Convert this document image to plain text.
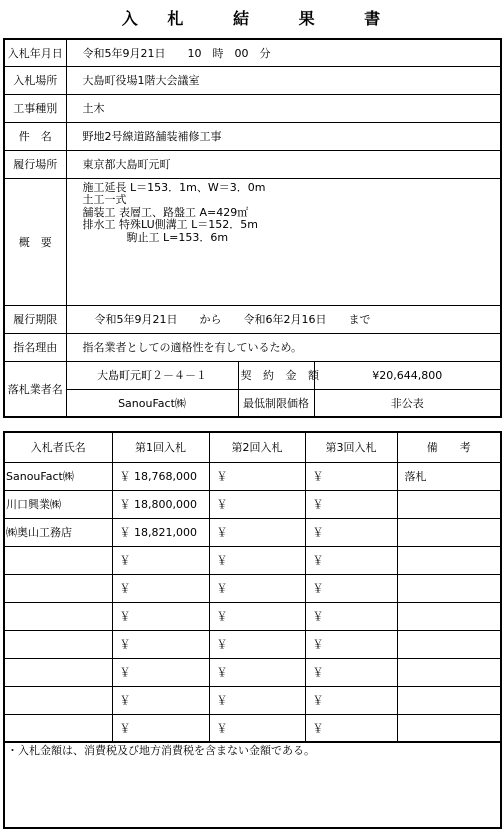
入 札	結	果	書
入札年月日	令和5年9月21日　　10　時　00　分		
入札場所	大島町役場1階大会議室		
工事種別	土木		
件　名	野地2号線道路舗装補修工事		
履行場所	東京都大島町元町		
概　要	施工延長 L＝153．1m、W＝3．0m
土工一式
舗装工 表層工、路盤工 A=429㎡
排水工 特殊LU側溝工 L＝152．5m
　　　　駒止工 L=153．6m		

履行期限	令和5年9月21日　　から　　令和6年2月16日　　まで		
指名理由	指名業者としての適格性を有しているため。		
落札業者名	大島町元町２－４－１	契 約 金 額	¥20,644,800
	SanouFact㈱	最低制限価格	非公表
入札者氏名	第1回入札	第2回入札	第3回入札	備　　考
SanouFact㈱	￥ 18,768,000	￥	￥	落札
川口興業㈱	￥ 18,800,000	￥	￥	
㈱奥山工務店	￥ 18,821,000	￥	￥	
	￥	￥	￥	
	￥	￥	￥	
	￥	￥	￥	
	￥	￥	￥	
	￥	￥	￥	
	￥	￥	￥	
	￥	￥	￥	
・入札金額は、消費税及び地方消費税を含まない金額である。
